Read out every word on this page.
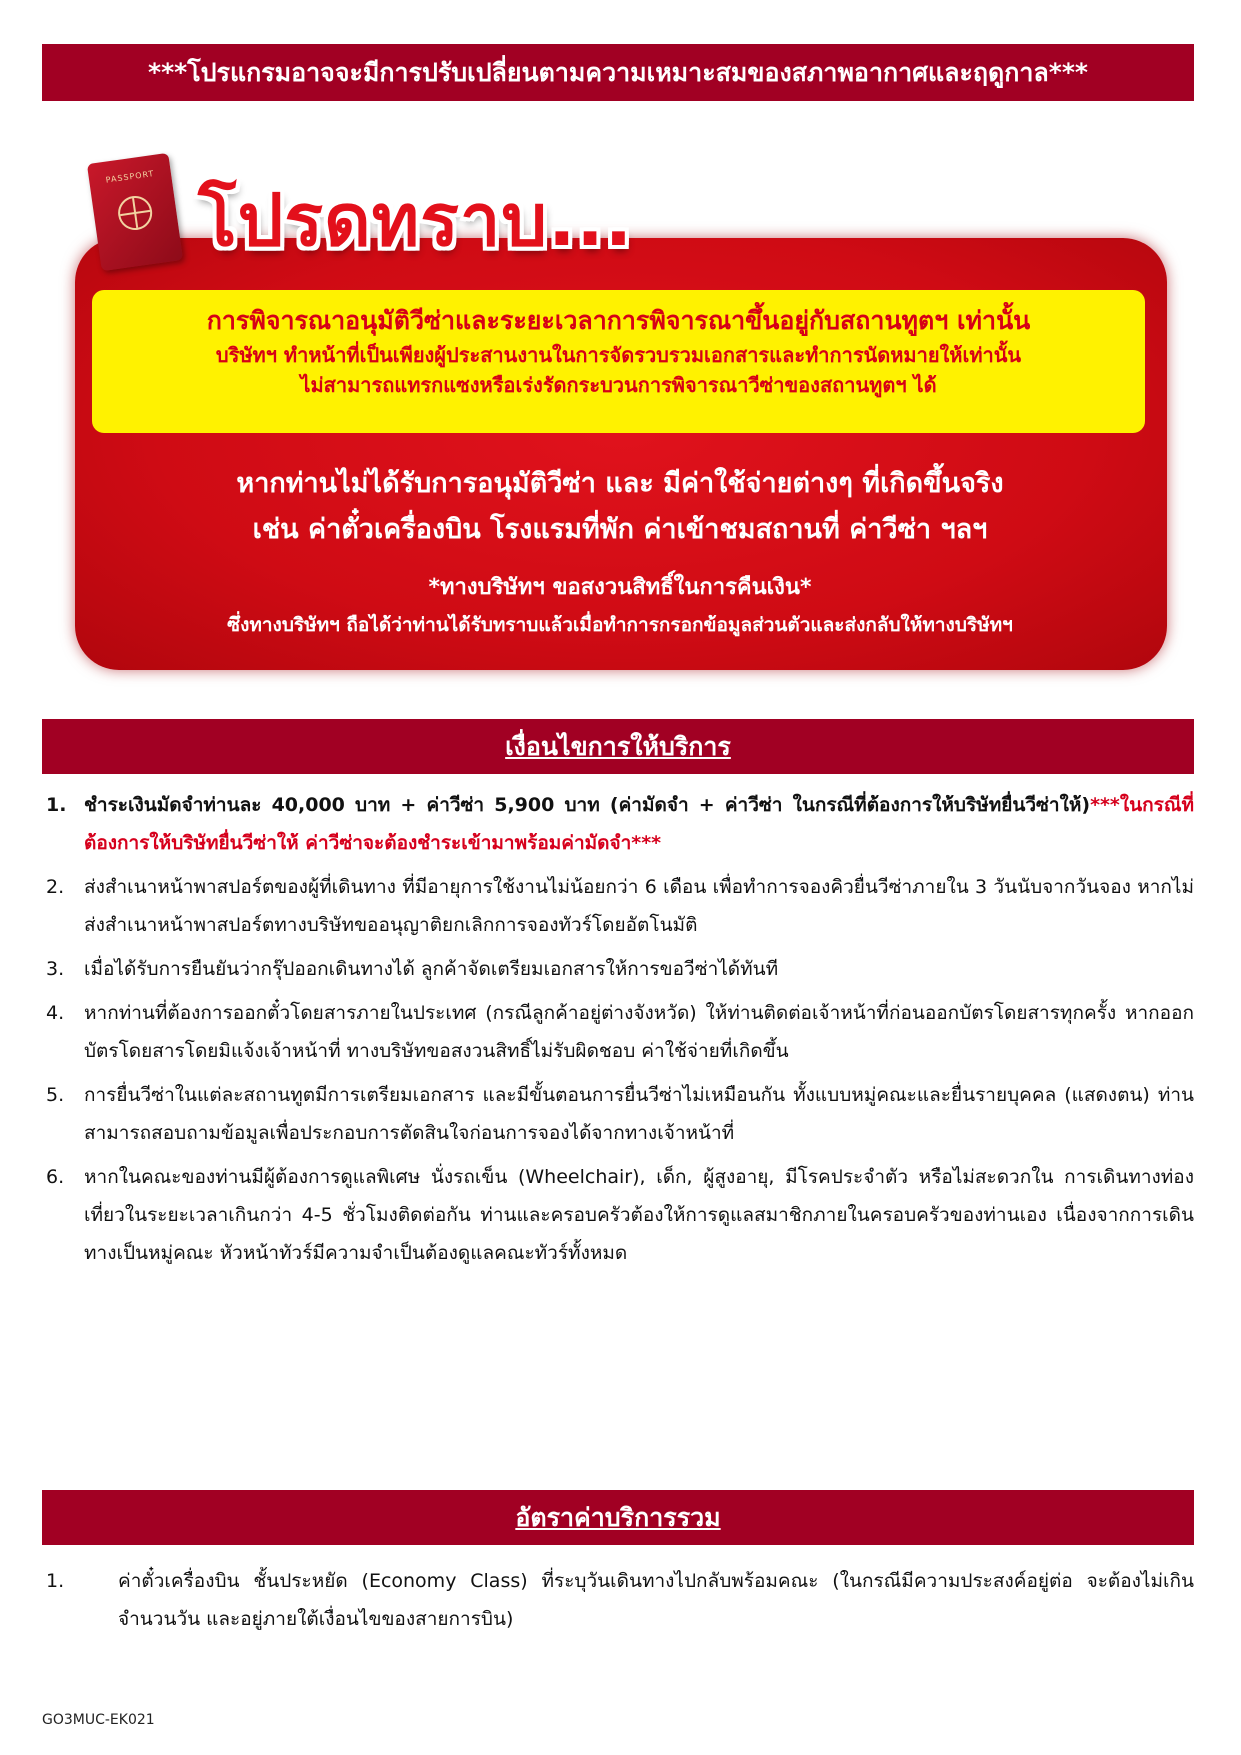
***โปรแกรมอาจจะมีการปรับเปลี่ยนตามความเหมาะสมของสภาพอากาศและฤดูกาล***
PASSPORT
โปรดทราบ...
การพิจารณาอนุมัติวีซ่าและระยะเวลาการพิจารณาขึ้นอยู่กับสถานทูตฯ เท่านั้น
บริษัทฯ ทำหน้าที่เป็นเพียงผู้ประสานงานในการจัดรวบรวมเอกสารและทำการนัดหมายให้เท่านั้น
ไม่สามารถแทรกแซงหรือเร่งรัดกระบวนการพิจารณาวีซ่าของสถานทูตฯ ได้
หากท่านไม่ได้รับการอนุมัติวีซ่า และ มีค่าใช้จ่ายต่างๆ ที่เกิดขึ้นจริง
เช่น ค่าตั๋วเครื่องบิน โรงแรมที่พัก ค่าเข้าชมสถานที่ ค่าวีซ่า ฯลฯ
*ทางบริษัทฯ ขอสงวนสิทธิ์ในการคืนเงิน*
ซึ่งทางบริษัทฯ ถือได้ว่าท่านได้รับทราบแล้วเมื่อทำการกรอกข้อมูลส่วนตัวและส่งกลับให้ทางบริษัทฯ
เงื่อนไขการให้บริการ
1. ชำระเงินมัดจำท่านละ 40,000 บาท + ค่าวีซ่า 5,900 บาท (ค่ามัดจำ + ค่าวีซ่า ในกรณีที่ต้องการให้บริษัทยื่นวีซ่าให้)***ในกรณีที่ต้องการให้บริษัทยื่นวีซ่าให้ ค่าวีซ่าจะต้องชำระเข้ามาพร้อมค่ามัดจำ***
2. ส่งสำเนาหน้าพาสปอร์ตของผู้ที่เดินทาง ที่มีอายุการใช้งานไม่น้อยกว่า 6 เดือน เพื่อทำการจองคิวยื่นวีซ่าภายใน 3 วันนับจากวันจอง หากไม่ส่งสำเนาหน้าพาสปอร์ตทางบริษัทขออนุญาติยกเลิกการจองทัวร์โดยอัตโนมัติ
3. เมื่อได้รับการยืนยันว่ากรุ๊ปออกเดินทางได้ ลูกค้าจัดเตรียมเอกสารให้การขอวีซ่าได้ทันที
4. หากท่านที่ต้องการออกตั๋วโดยสารภายในประเทศ (กรณีลูกค้าอยู่ต่างจังหวัด) ให้ท่านติดต่อเจ้าหน้าที่ก่อนออกบัตรโดยสารทุกครั้ง หากออกบัตรโดยสารโดยมิแจ้งเจ้าหน้าที่ ทางบริษัทขอสงวนสิทธิ์ไม่รับผิดชอบ ค่าใช้จ่ายที่เกิดขึ้น
5. การยื่นวีซ่าในแต่ละสถานทูตมีการเตรียมเอกสาร และมีขั้นตอนการยื่นวีซ่าไม่เหมือนกัน ทั้งแบบหมู่คณะและยื่นรายบุคคล (แสดงตน) ท่านสามารถสอบถามข้อมูลเพื่อประกอบการตัดสินใจก่อนการจองได้จากทางเจ้าหน้าที่
6. หากในคณะของท่านมีผู้ต้องการดูแลพิเศษ นั่งรถเข็น (Wheelchair), เด็ก, ผู้สูงอายุ, มีโรคประจำตัว หรือไม่สะดวกใน การเดินทางท่องเที่ยวในระยะเวลาเกินกว่า 4-5 ชั่วโมงติดต่อกัน ท่านและครอบครัวต้องให้การดูแลสมาชิกภายในครอบครัวของท่านเอง เนื่องจากการเดินทางเป็นหมู่คณะ หัวหน้าทัวร์มีความจำเป็นต้องดูแลคณะทัวร์ทั้งหมด
อัตราค่าบริการรวม
1.	ค่าตั๋วเครื่องบิน ชั้นประหยัด (Economy Class) ที่ระบุวันเดินทางไปกลับพร้อมคณะ (ในกรณีมีความประสงค์อยู่ต่อ จะต้องไม่เกินจำนวนวัน และอยู่ภายใต้เงื่อนไขของสายการบิน)
GO3MUC-EK021
